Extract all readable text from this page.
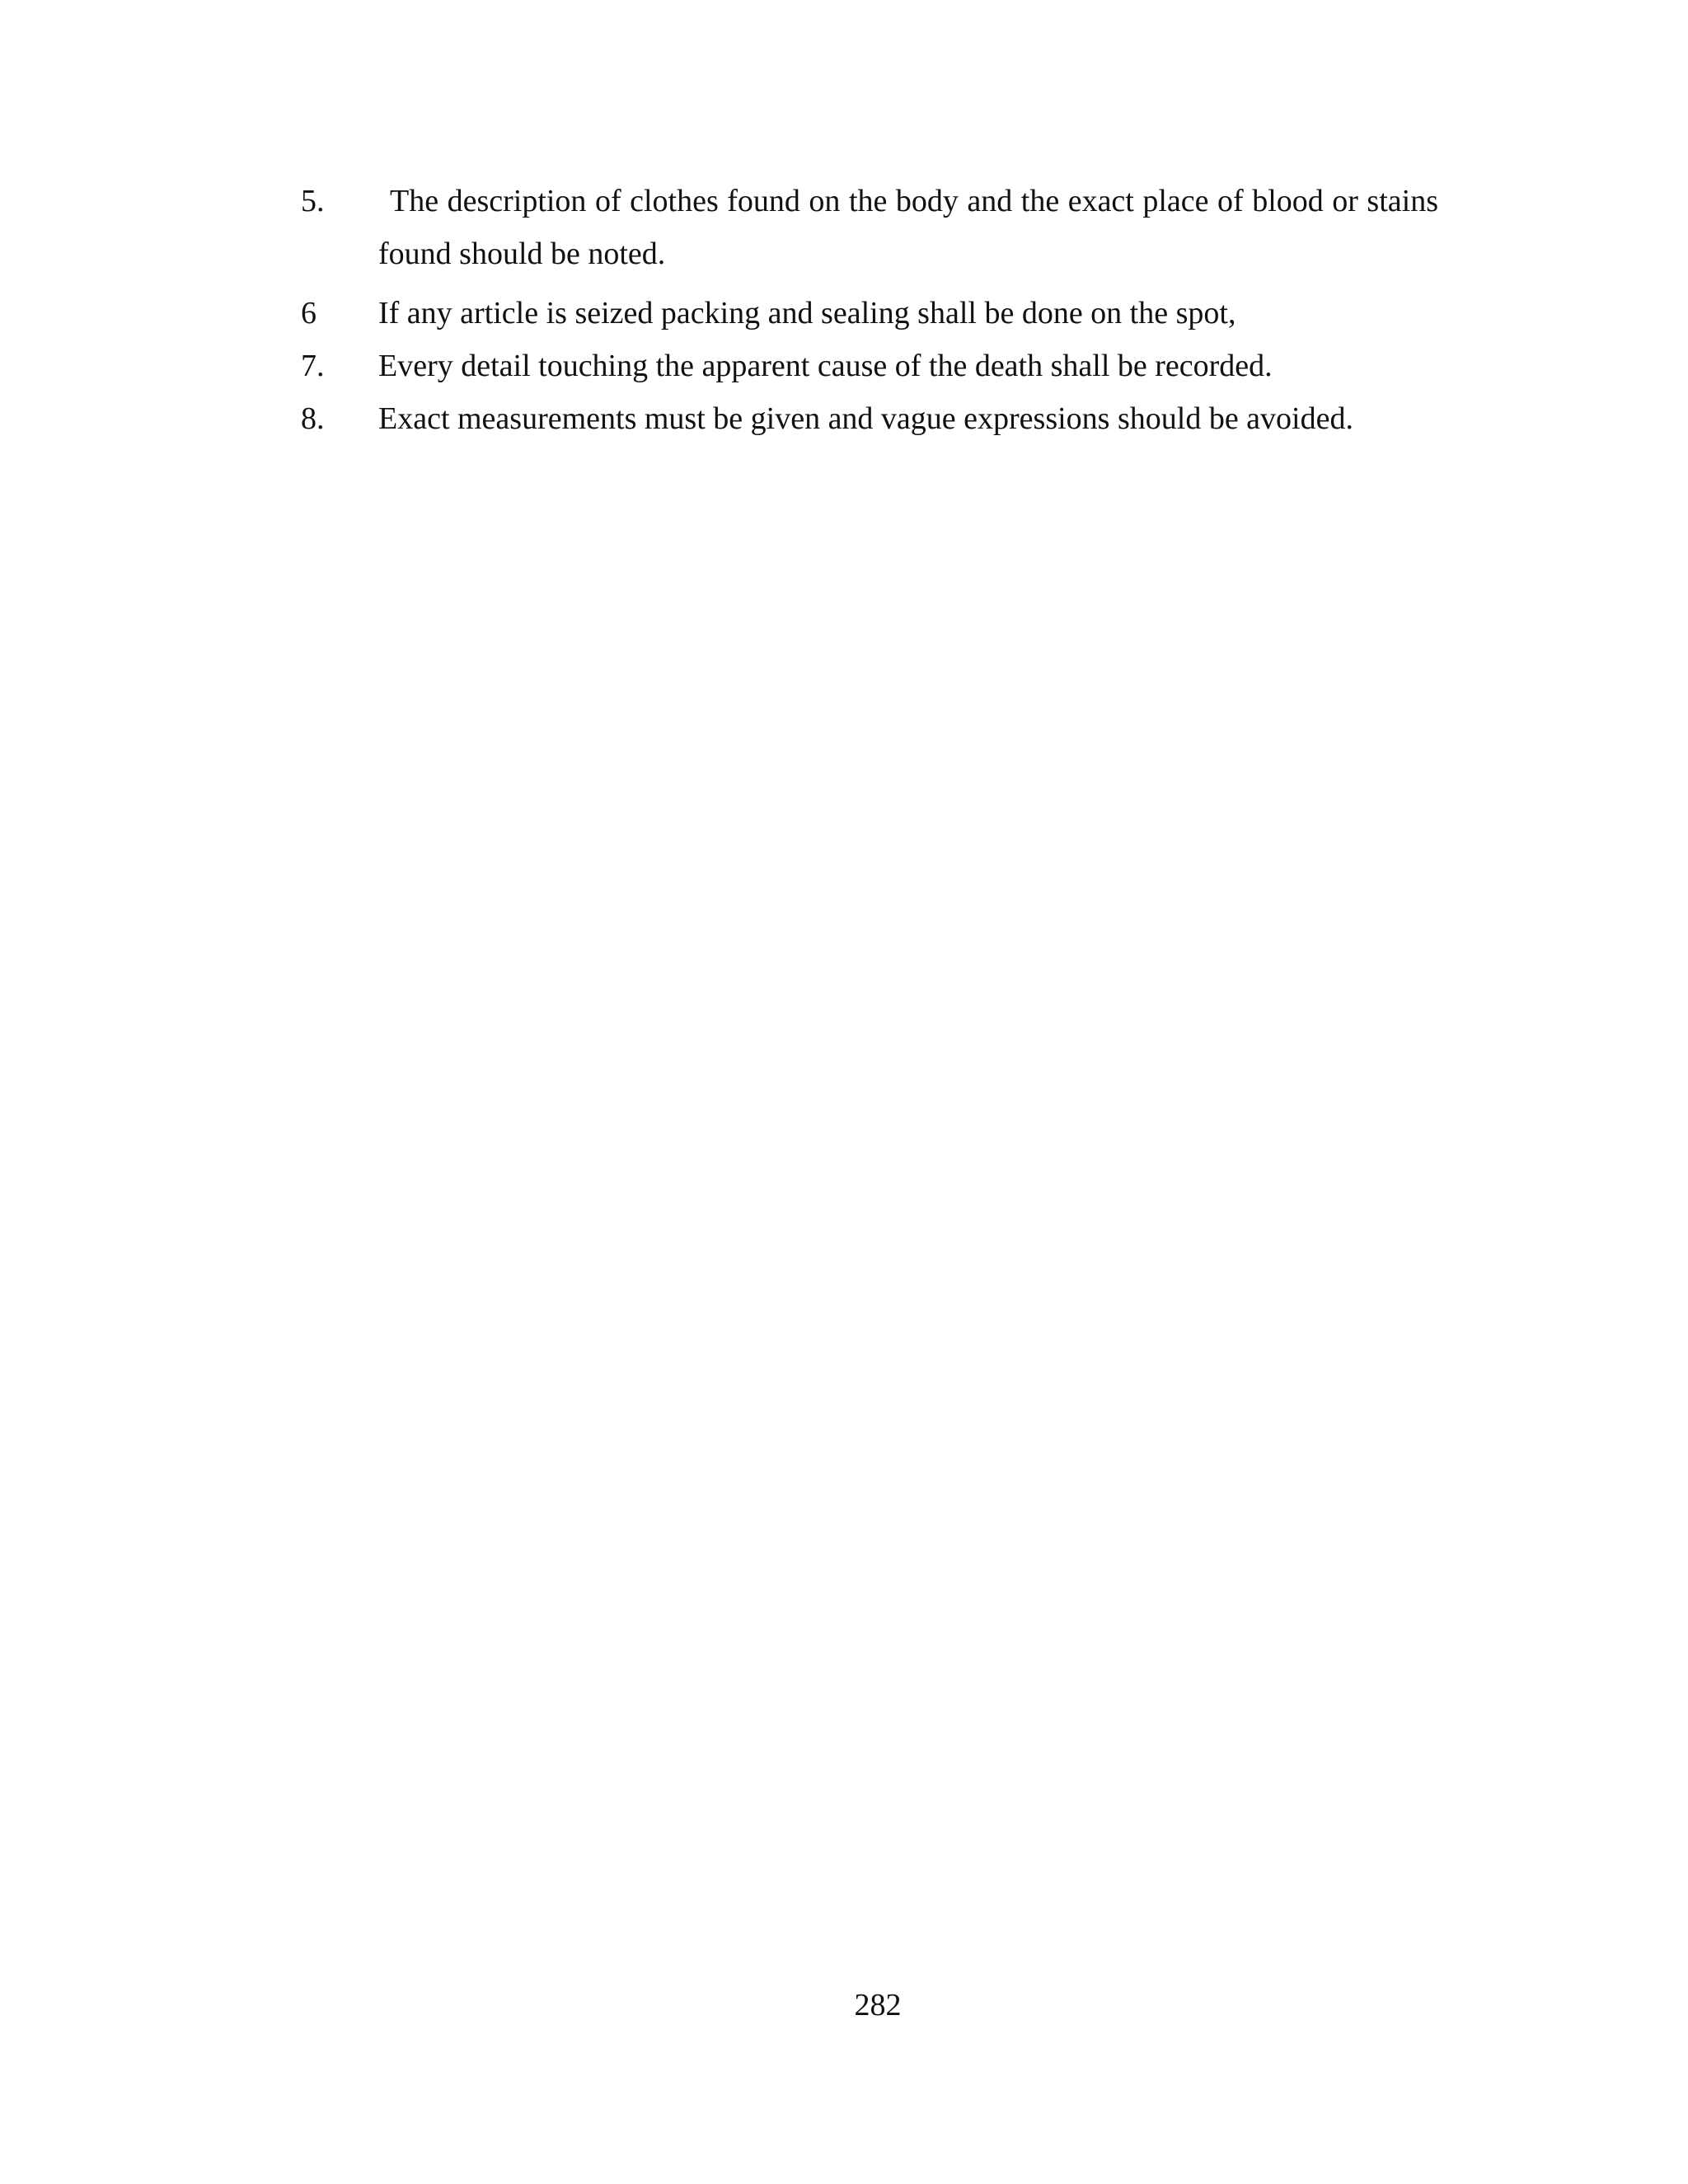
5.	The description of clothes found on the body and the exact place of blood or stains found should be noted.
6	If any article is seized packing and sealing shall be done on the spot,
7.	Every detail touching the apparent cause of the death shall be recorded.
8.	Exact measurements must be given and vague expressions should be avoided.
282
